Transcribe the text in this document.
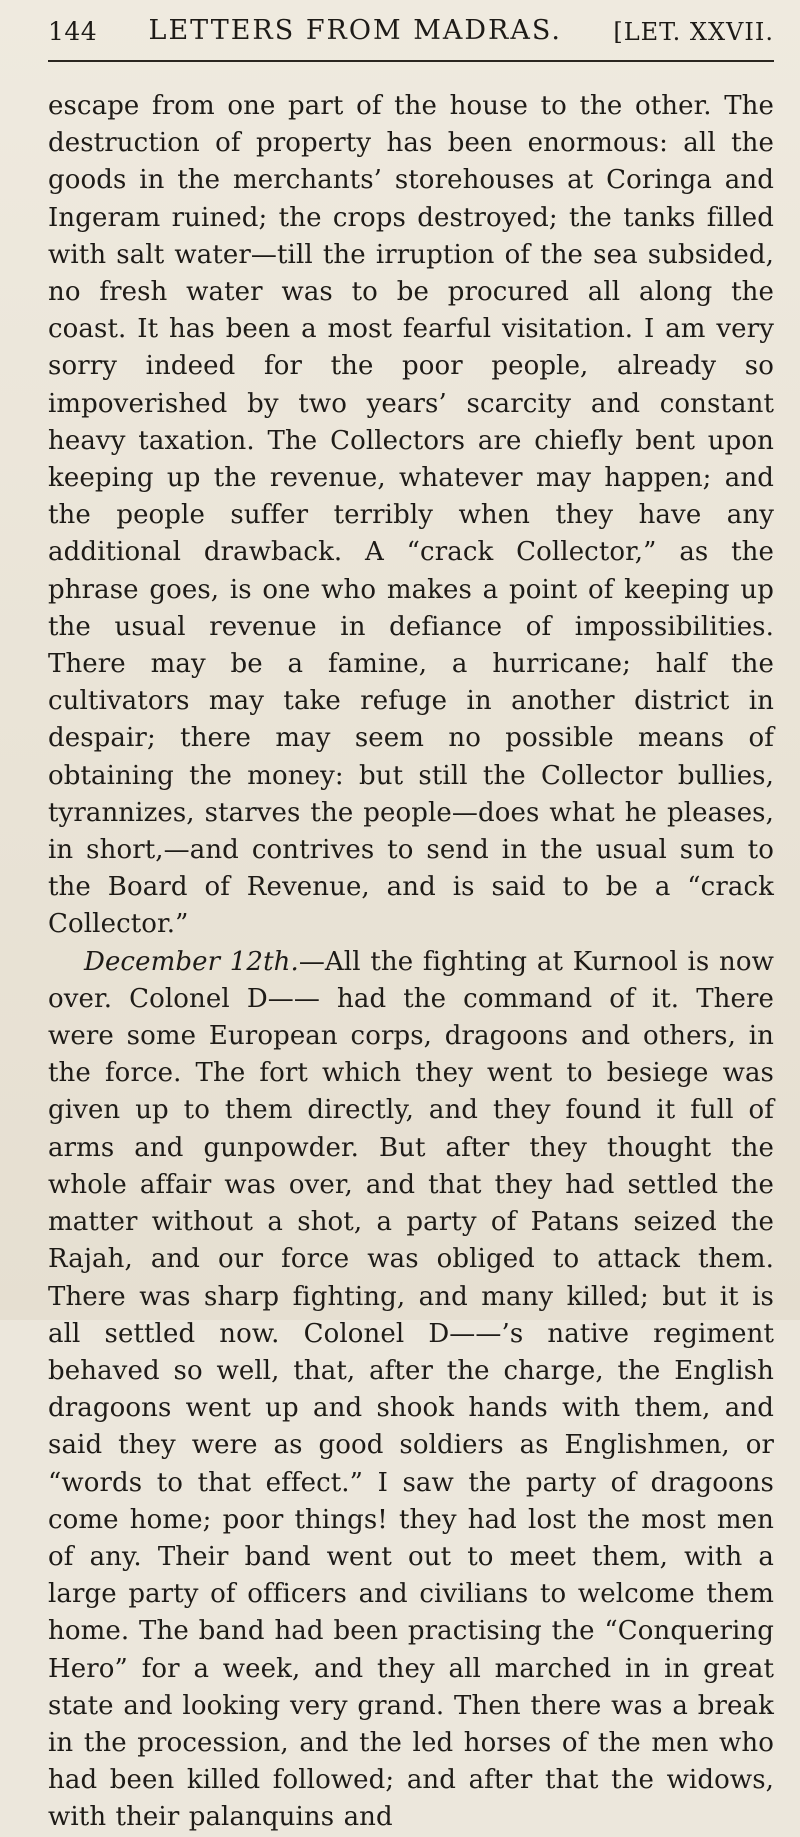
144 LETTERS FROM MADRAS. [LET. XXVII.

escape from one part of the house to the other. The destruction of property has been enormous: all the goods in the merchants’ storehouses at Coringa and Ingeram ruined; the crops destroyed; the tanks filled with salt water—till the irruption of the sea subsided, no fresh water was to be procured all along the coast. It has been a most fearful visitation. I am very sorry indeed for the poor people, already so impoverished by two years’ scarcity and constant heavy taxation. The Collectors are chiefly bent upon keeping up the revenue, whatever may happen; and the people suffer terribly when they have any additional drawback. A “crack Collector,” as the phrase goes, is one who makes a point of keeping up the usual revenue in defiance of impossibilities. There may be a famine, a hurricane; half the cultivators may take refuge in another district in despair; there may seem no possible means of obtaining the money: but still the Collector bullies, tyrannizes, starves the people—does what he pleases, in short,—and contrives to send in the usual sum to the Board of Revenue, and is said to be a “crack Collector.”

December 12th.—All the fighting at Kurnool is now over. Colonel D—— had the command of it. There were some European corps, dragoons and others, in the force. The fort which they went to besiege was given up to them directly, and they found it full of arms and gunpowder. But after they thought the whole affair was over, and that they had settled the matter without a shot, a party of Patans seized the Rajah, and our force was obliged to attack them. There was sharp fighting, and many killed; but it is all settled now. Colonel D——’s native regiment behaved so well, that, after the charge, the English dragoons went up and shook hands with them, and said they were as good soldiers as Englishmen, or “words to that effect.” I saw the party of dragoons come home; poor things! they had lost the most men of any. Their band went out to meet them, with a large party of officers and civilians to welcome them home. The band had been practising the “Conquering Hero” for a week, and they all marched in in great state and looking very grand. Then there was a break in the procession, and the led horses of the men who had been killed followed; and after that the widows, with their palanquins and
